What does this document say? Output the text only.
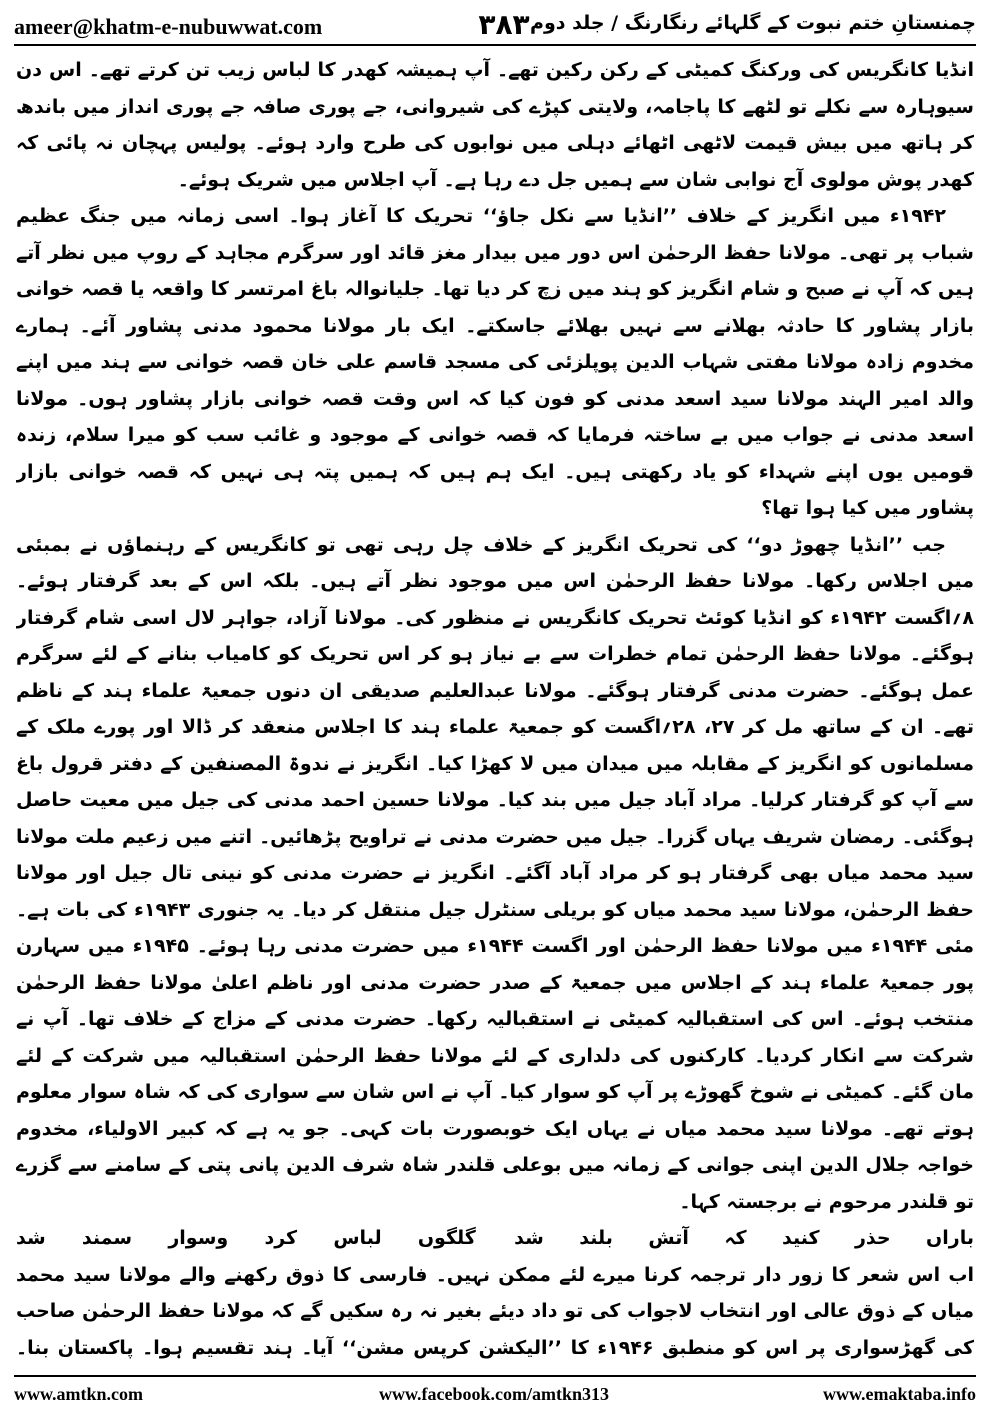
ameer@khatm-e-nubuwwat.com	۳۸۳ چمنستانِ ختم نبوت کے گلہائے رنگارنگ / جلد دوم

انڈیا کانگریس کی ورکنگ کمیٹی کے رکن رکین تھے۔ آپ ہمیشہ کھدر کا لباس زیب تن کرتے تھے۔ اس دن سیوہارہ سے نکلے تو لٹھے کا پاجامہ، ولایتی کپڑے کی شیروانی، جے پوری صافہ جے پوری انداز میں باندھ کر ہاتھ میں بیش قیمت لاٹھی اٹھائے دہلی میں نوابوں کی طرح وارد ہوئے۔ پولیس پہچان نہ پائی کہ کھدر پوش مولوی آج نوابی شان سے ہمیں جل دے رہا ہے۔ آپ اجلاس میں شریک ہوئے۔

۱۹۴۲ء میں انگریز کے خلاف ’’انڈیا سے نکل جاؤ‘‘ تحریک کا آغاز ہوا۔ اسی زمانہ میں جنگ عظیم شباب پر تھی۔ مولانا حفظ الرحمٰن اس دور میں بیدار مغز قائد اور سرگرم مجاہد کے روپ میں نظر آتے ہیں کہ آپ نے صبح و شام انگریز کو ہند میں زچ کر دیا تھا۔ جلیانوالہ باغ امرتسر کا واقعہ یا قصہ خوانی بازار پشاور کا حادثہ بھلانے سے نہیں بھلائے جاسکتے۔ ایک بار مولانا محمود مدنی پشاور آئے۔ ہمارے مخدوم زادہ مولانا مفتی شہاب الدین پوپلزئی کی مسجد قاسم علی خان قصہ خوانی سے ہند میں اپنے والد امیر الہند مولانا سید اسعد مدنی کو فون کیا کہ اس وقت قصہ خوانی بازار پشاور ہوں۔ مولانا اسعد مدنی نے جواب میں بے ساختہ فرمایا کہ قصہ خوانی کے موجود و غائب سب کو میرا سلام، زندہ قومیں یوں اپنے شہداء کو یاد رکھتی ہیں۔ ایک ہم ہیں کہ ہمیں پتہ ہی نہیں کہ قصہ خوانی بازار پشاور میں کیا ہوا تھا؟

جب ’’انڈیا چھوڑ دو‘‘ کی تحریک انگریز کے خلاف چل رہی تھی تو کانگریس کے رہنماؤں نے بمبئی میں اجلاس رکھا۔ مولانا حفظ الرحمٰن اس میں موجود نظر آتے ہیں۔ بلکہ اس کے بعد گرفتار ہوئے۔ ۸؍اگست ۱۹۴۲ء کو انڈیا کوئٹ تحریک کانگریس نے منظور کی۔ مولانا آزاد، جواہر لال اسی شام گرفتار ہوگئے۔ مولانا حفظ الرحمٰن تمام خطرات سے بے نیاز ہو کر اس تحریک کو کامیاب بنانے کے لئے سرگرم عمل ہوگئے۔ حضرت مدنی گرفتار ہوگئے۔ مولانا عبدالعلیم صدیقی ان دنوں جمعیۃ علماء ہند کے ناظم تھے۔ ان کے ساتھ مل کر ۲۷، ۲۸؍اگست کو جمعیۃ علماء ہند کا اجلاس منعقد کر ڈالا اور پورے ملک کے مسلمانوں کو انگریز کے مقابلہ میں میدان میں لا کھڑا کیا۔ انگریز نے ندوۃ المصنفین کے دفتر قرول باغ سے آپ کو گرفتار کرلیا۔ مراد آباد جیل میں بند کیا۔ مولانا حسین احمد مدنی کی جیل میں معیت حاصل ہوگئی۔ رمضان شریف یہاں گزرا۔ جیل میں حضرت مدنی نے تراویح پڑھائیں۔ اتنے میں زعیم ملت مولانا سید محمد میاں بھی گرفتار ہو کر مراد آباد آگئے۔ انگریز نے حضرت مدنی کو نینی تال جیل اور مولانا حفظ الرحمٰن، مولانا سید محمد میاں کو بریلی سنٹرل جیل منتقل کر دیا۔ یہ جنوری ۱۹۴۳ء کی بات ہے۔ مئی ۱۹۴۴ء میں مولانا حفظ الرحمٰن اور اگست ۱۹۴۴ء میں حضرت مدنی رہا ہوئے۔ ۱۹۴۵ء میں سہارن پور جمعیۃ علماء ہند کے اجلاس میں جمعیۃ کے صدر حضرت مدنی اور ناظم اعلیٰ مولانا حفظ الرحمٰن منتخب ہوئے۔ اس کی استقبالیہ کمیٹی نے استقبالیہ رکھا۔ حضرت مدنی کے مزاج کے خلاف تھا۔ آپ نے شرکت سے انکار کردیا۔ کارکنوں کی دلداری کے لئے مولانا حفظ الرحمٰن استقبالیہ میں شرکت کے لئے مان گئے۔ کمیٹی نے شوخ گھوڑے پر آپ کو سوار کیا۔ آپ نے اس شان سے سواری کی کہ شاہ سوار معلوم ہوتے تھے۔ مولانا سید محمد میاں نے یہاں ایک خوبصورت بات کہی۔ جو یہ ہے کہ کبیر الاولیاء، مخدوم خواجہ جلال الدین اپنی جوانی کے زمانہ میں بوعلی قلندر شاہ شرف الدین پانی پتی کے سامنے سے گزرے تو قلندر مرحوم نے برجستہ کہا۔

باراں حذر کنید کہ آتش بلند شد
گلگوں لباس کرد وسوار سمند شد

اب اس شعر کا زور دار ترجمہ کرنا میرے لئے ممکن نہیں۔ فارسی کا ذوق رکھنے والے مولانا سید محمد میاں کے ذوق عالی اور انتخاب لاجواب کی تو داد دیئے بغیر نہ رہ سکیں گے کہ مولانا حفظ الرحمٰن صاحب کی گھڑسواری پر اس کو منطبق ۱۹۴۶ء کا ’’الیکشن کرپس مشن‘‘ آیا۔ ہند تقسیم ہوا۔ پاکستان بنا۔

www.amtkn.com	www.facebook.com/amtkn313	www.emaktaba.info
